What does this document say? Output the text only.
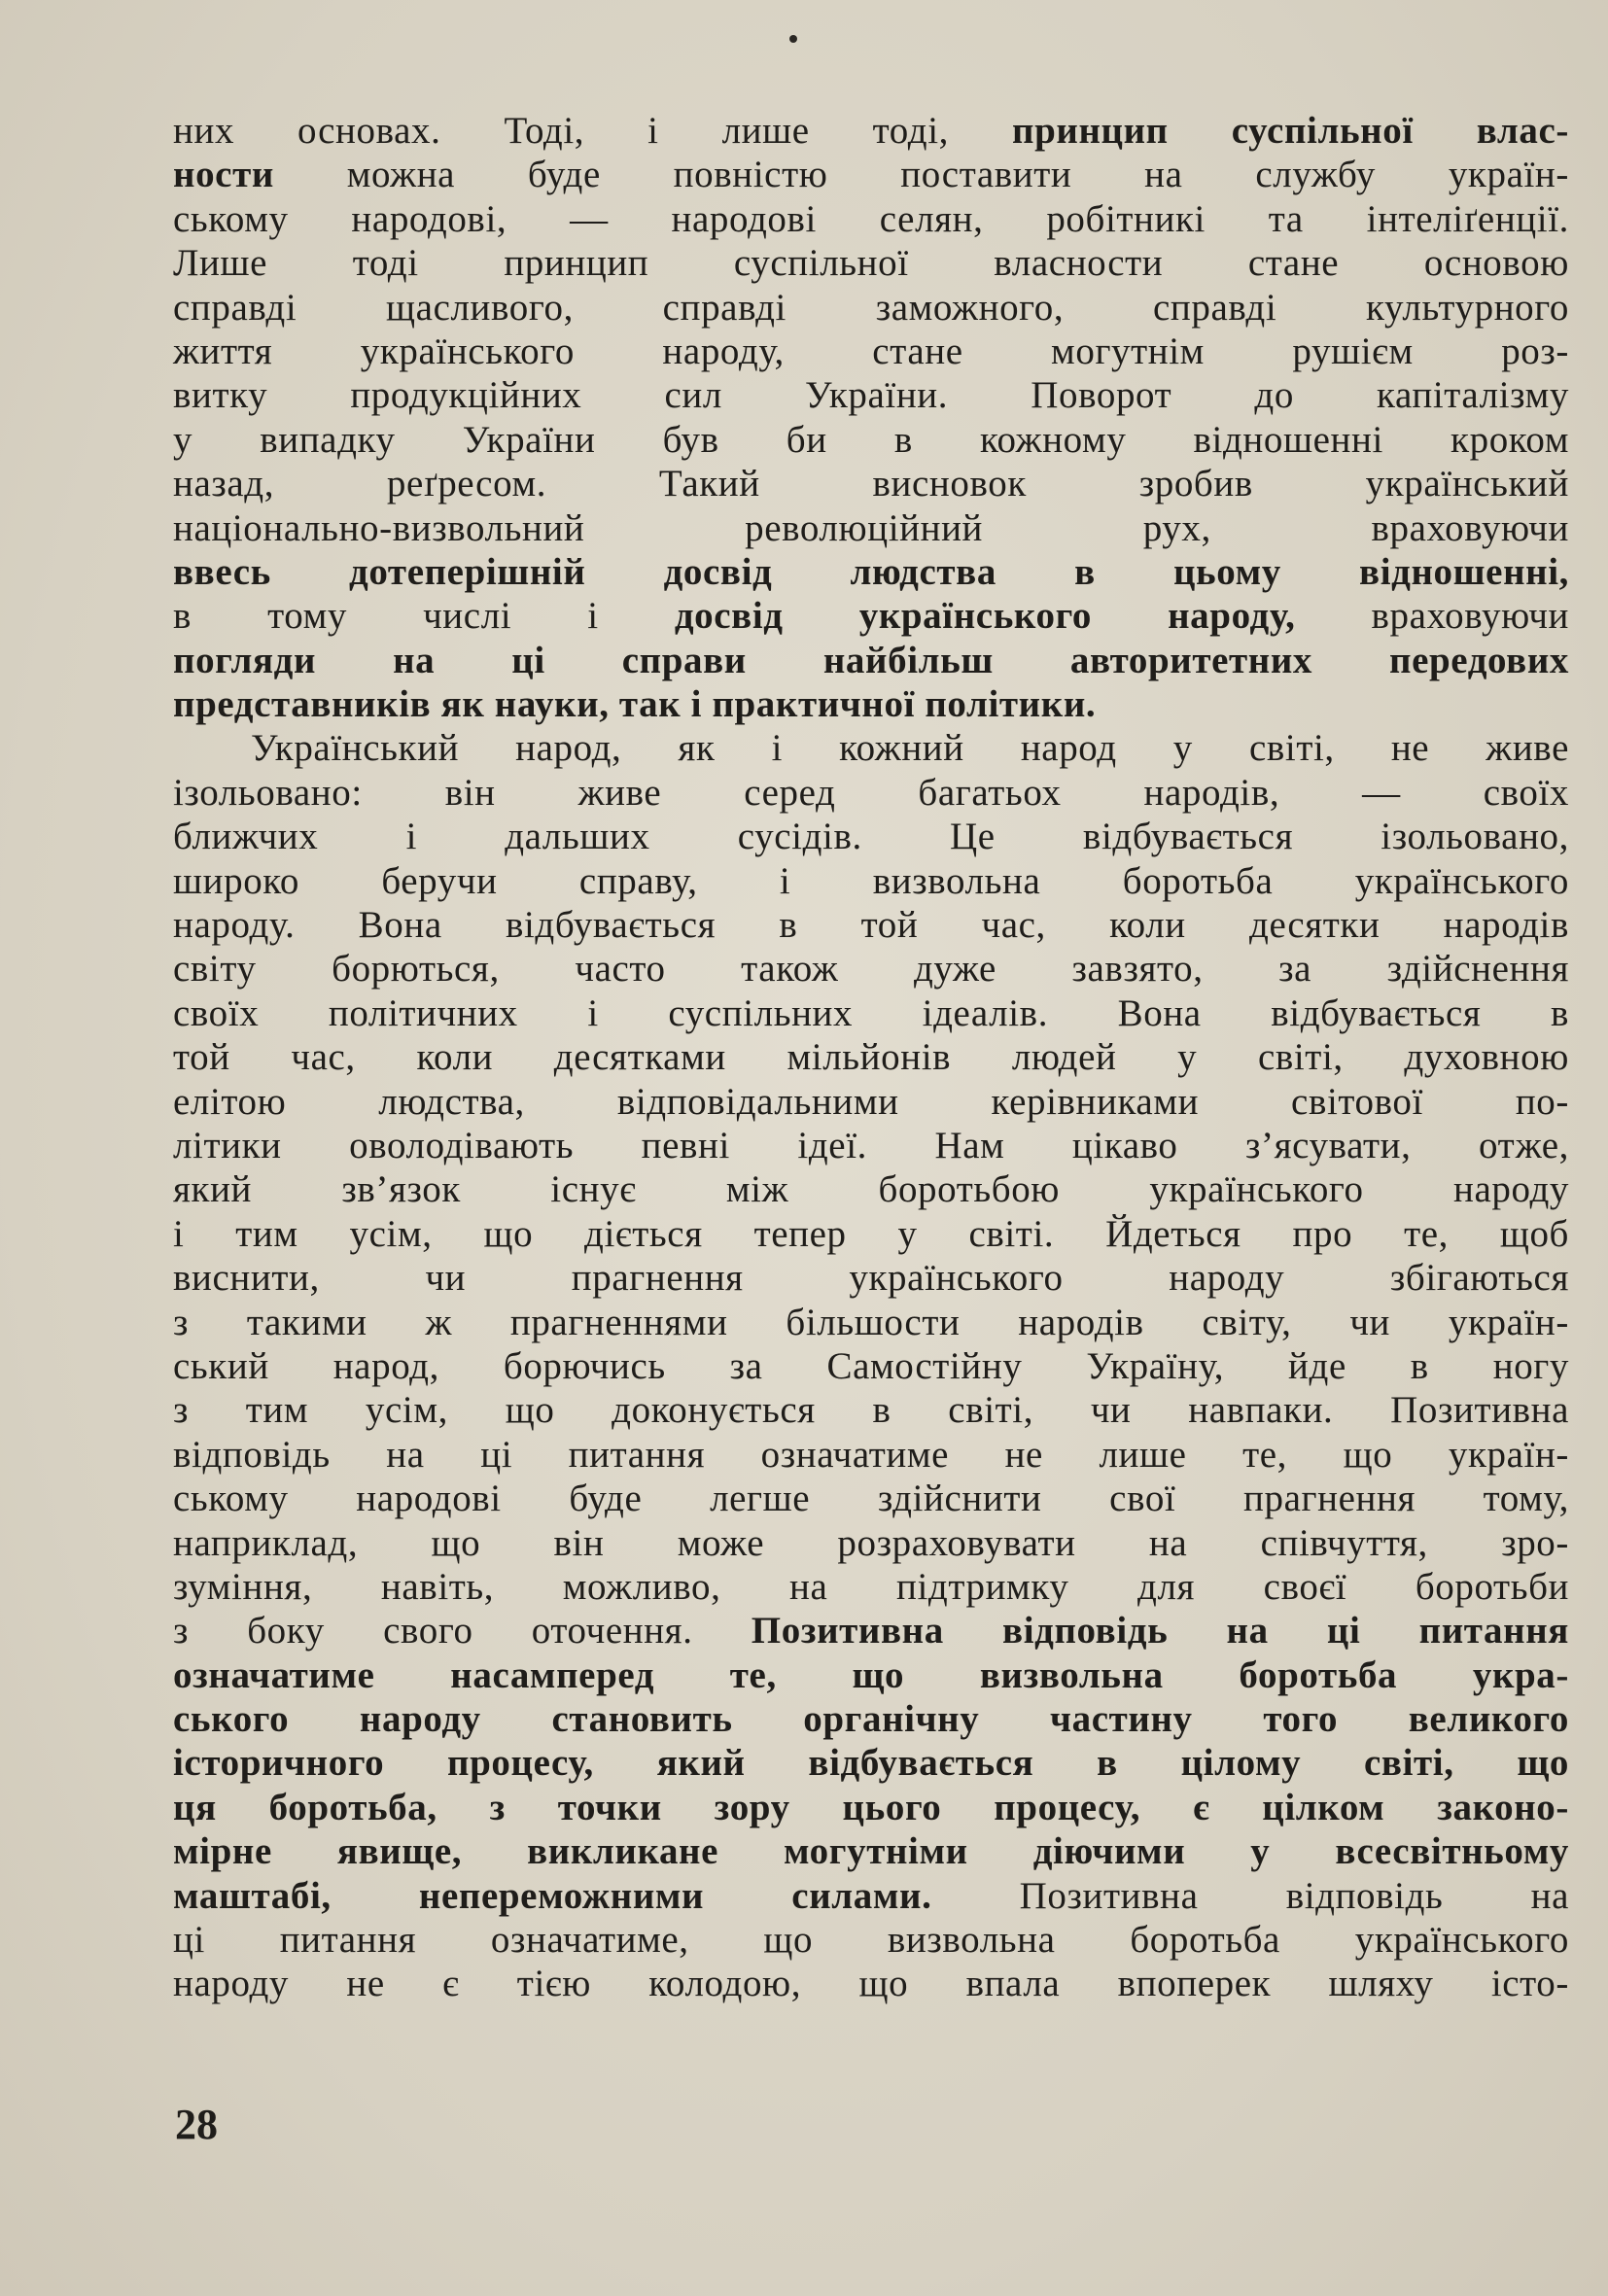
них основах. Тоді, і лише тоді, принцип суспільної влас-
ности можна буде повністю поставити на службу україн-
ському народові, — народові селян, робітникі та інтеліґенції.
Лише тоді принцип суспільної власности стане основою
справді щасливого, справді заможного, справді культурного
життя українського народу, стане могутнім рушієм роз-
витку продукційних сил України. Поворот до капіталізму
у випадку України був би в кожному відношенні кроком
назад, реґресом. Такий висновок зробив український
національно-визвольний революційний рух, враховуючи
ввесь дотеперішній досвід людства в цьому відношенні,
в тому числі і досвід українського народу, враховуючи
погляди на ці справи найбільш авторитетних передових
представників як науки, так і практичної політики.
Український народ, як і кожний народ у світі, не живе
ізольовано: він живе серед багатьох народів, — своїх
ближчих і дальших сусідів. Це відбувається ізольовано,
широко беручи справу, і визвольна боротьба українського
народу. Вона відбувається в той час, коли десятки народів
світу борються, часто також дуже завзято, за здійснення
своїх політичних і суспільних ідеалів. Вона відбувається в
той час, коли десятками мільйонів людей у світі, духовною
елітою людства, відповідальними керівниками світової по-
літики оволодівають певні ідеї. Нам цікаво з’ясувати, отже,
який зв’язок існує між боротьбою українського народу
і тим усім, що діється тепер у світі. Йдеться про те, щоб
виснити, чи прагнення українського народу збігаються
з такими ж прагненнями більшости народів світу, чи україн-
ський народ, борючись за Самостійну Україну, йде в ногу
з тим усім, що доконується в світі, чи навпаки. Позитивна
відповідь на ці питання означатиме не лише те, що україн-
ському народові буде легше здійснити свої прагнення тому,
наприклад, що він може розраховувати на співчуття, зро-
зуміння, навіть, можливо, на підтримку для своєї боротьби
з боку свого оточення. Позитивна відповідь на ці питання
означатиме насамперед те, що визвольна боротьба укра-
ського народу становить органічну частину того великого
історичного процесу, який відбувається в цілому світі, що
ця боротьба, з точки зору цього процесу, є цілком законо-
мірне явище, викликане могутніми діючими у всесвітньому
маштабі, непереможними силами. Позитивна відповідь на
ці питання означатиме, що визвольна боротьба українського
народу не є тією колодою, що впала впоперек шляху істо-
28
